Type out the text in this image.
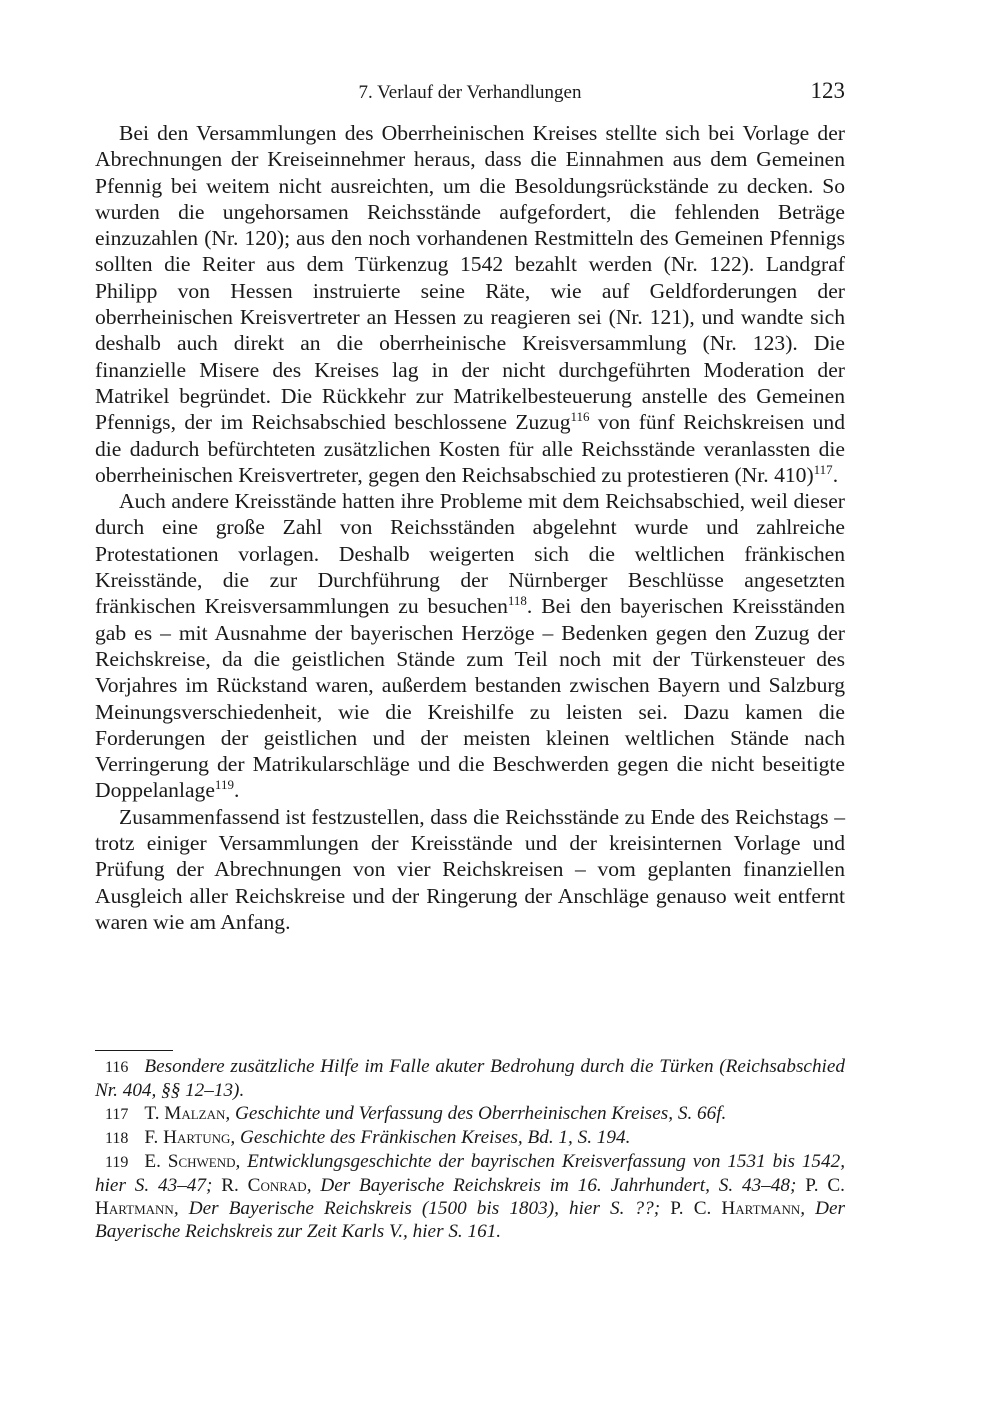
7. Verlauf der Verhandlungen	123

Bei den Versammlungen des Oberrheinischen Kreises stellte sich bei Vorlage der Abrechnungen der Kreiseinnehmer heraus, dass die Einnahmen aus dem Gemeinen Pfennig bei weitem nicht ausreichten, um die Besoldungsrückstände zu decken. So wurden die ungehorsamen Reichsstände aufgefordert, die fehlenden Beträge einzuzahlen (Nr. 120); aus den noch vorhandenen Restmitteln des Gemeinen Pfennigs sollten die Reiter aus dem Türkenzug 1542 bezahlt werden (Nr. 122). Landgraf Philipp von Hessen instruierte seine Räte, wie auf Geldforderungen der oberrheinischen Kreisvertreter an Hessen zu reagieren sei (Nr. 121), und wandte sich deshalb auch direkt an die oberrheinische Kreisversammlung (Nr. 123). Die finanzielle Misere des Kreises lag in der nicht durchgeführten Moderation der Matrikel begründet. Die Rückkehr zur Matrikelbesteuerung anstelle des Gemeinen Pfennigs, der im Reichsabschied beschlossene Zuzug$^{116}$ von fünf Reichskreisen und die dadurch befürchteten zusätzlichen Kosten für alle Reichsstände veranlassten die oberrheinischen Kreisvertreter, gegen den Reichsabschied zu protestieren (Nr. 410)$^{117}$.

Auch andere Kreisstände hatten ihre Probleme mit dem Reichsabschied, weil dieser durch eine große Zahl von Reichsständen abgelehnt wurde und zahlreiche Protestationen vorlagen. Deshalb weigerten sich die weltlichen fränkischen Kreisstände, die zur Durchführung der Nürnberger Beschlüsse angesetzten fränkischen Kreisversammlungen zu besuchen$^{118}$. Bei den bayerischen Kreisständen gab es – mit Ausnahme der bayerischen Herzöge – Bedenken gegen den Zuzug der Reichskreise, da die geistlichen Stände zum Teil noch mit der Türkensteuer des Vorjahres im Rückstand waren, außerdem bestanden zwischen Bayern und Salzburg Meinungsverschiedenheit, wie die Kreishilfe zu leisten sei. Dazu kamen die Forderungen der geistlichen und der meisten kleinen weltlichen Stände nach Verringerung der Matrikularschläge und die Beschwerden gegen die nicht beseitigte Doppelanlage$^{119}$.

Zusammenfassend ist festzustellen, dass die Reichsstände zu Ende des Reichstags – trotz einiger Versammlungen der Kreisstände und der kreisinternen Vorlage und Prüfung der Abrechnungen von vier Reichskreisen – vom geplanten finanziellen Ausgleich aller Reichskreise und der Ringerung der Anschläge genauso weit entfernt waren wie am Anfang.

116 Besondere zusätzliche Hilfe im Falle akuter Bedrohung durch die Türken (Reichsabschied Nr. 404, §§ 12–13).

117 T. Malzan, Geschichte und Verfassung des Oberrheinischen Kreises, S. 66f.

118 F. Hartung, Geschichte des Fränkischen Kreises, Bd. 1, S. 194.

119 E. Schwend, Entwicklungsgeschichte der bayrischen Kreisverfassung von 1531 bis 1542, hier S. 43–47; R. Conrad, Der Bayerische Reichskreis im 16. Jahrhundert, S. 43–48; P. C. Hartmann, Der Bayerische Reichskreis (1500 bis 1803), hier S. ??; P. C. Hartmann, Der Bayerische Reichskreis zur Zeit Karls V., hier S. 161.
